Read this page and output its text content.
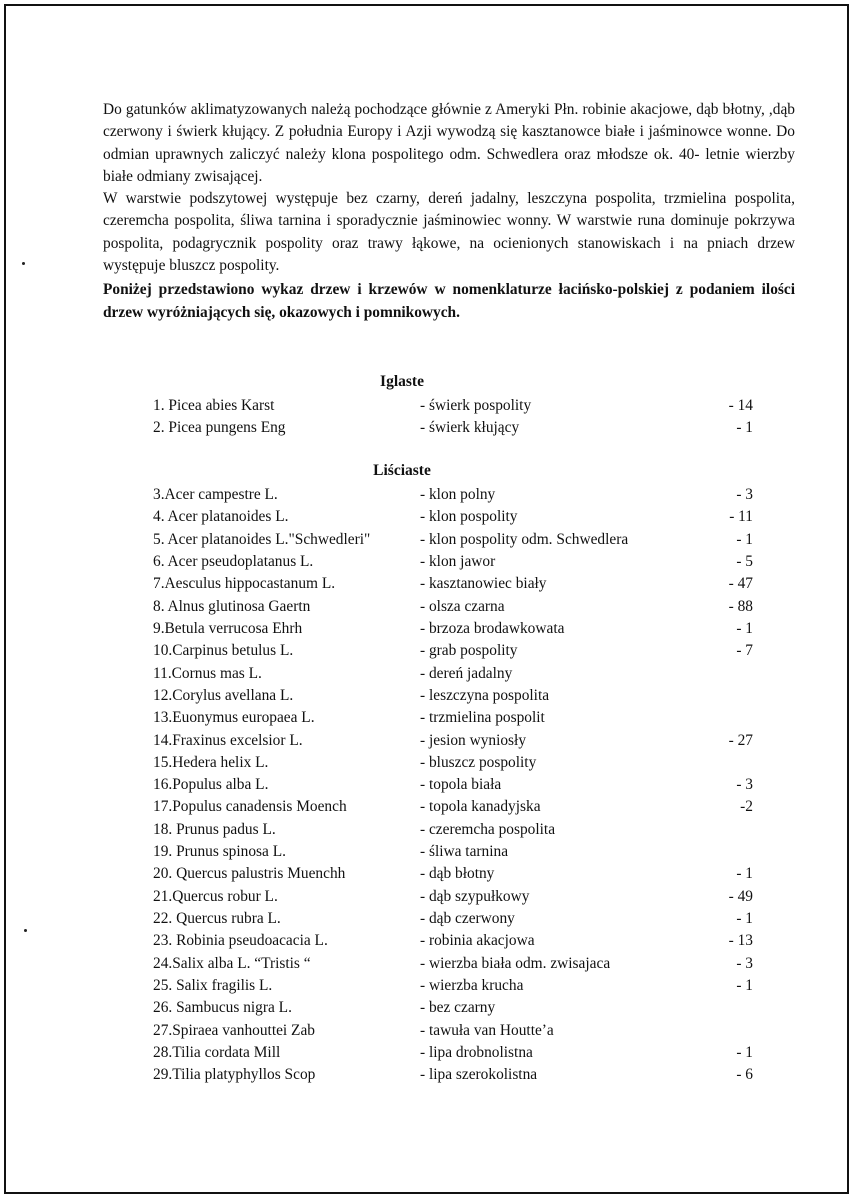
Do gatunków aklimatyzowanych należą pochodzące głównie z Ameryki Płn. robinie akacjowe, dąb błotny, ,dąb czerwony i świerk kłujący. Z południa Europy i Azji wywodzą się kasztanowce białe i jaśminowce wonne. Do odmian uprawnych zaliczyć należy klona pospolitego odm. Schwedlera oraz młodsze ok. 40- letnie wierzby białe odmiany zwisającej.

W warstwie podszytowej występuje bez czarny, dereń jadalny, leszczyna pospolita, trzmielina pospolita, czeremcha pospolita, śliwa tarnina i sporadycznie jaśminowiec wonny. W warstwie runa dominuje pokrzywa pospolita, podagrycznik pospolity oraz trawy łąkowe, na ocienionych stanowiskach i na pniach drzew występuje bluszcz pospolity.

Poniżej przedstawiono wykaz drzew i krzewów w nomenklaturze łacińsko-polskiej z podaniem ilości drzew wyróżniających się, okazowych i pomnikowych.

Iglaste
1. Picea abies Karst	- świerk pospolity	- 14
2. Picea pungens Eng	- świerk kłujący	- 1
Liściaste
3.Acer campestre L.	- klon polny	- 3
4. Acer platanoides L.	- klon pospolity	- 11
5. Acer platanoides L."Schwedleri"	- klon pospolity odm. Schwedlera	- 1
6. Acer pseudoplatanus L.	- klon jawor	- 5
7.Aesculus hippocastanum L.	- kasztanowiec biały	- 47
8. Alnus glutinosa Gaertn	- olsza czarna	- 88
9.Betula verrucosa Ehrh	- brzoza brodawkowata	- 1
10.Carpinus betulus L.	- grab pospolity	- 7
11.Cornus mas L.	- dereń jadalny
12.Corylus avellana L.	- leszczyna pospolita
13.Euonymus europaea L.	- trzmielina pospolit
14.Fraxinus excelsior L.	- jesion wyniosły	- 27
15.Hedera helix L.	- bluszcz pospolity
16.Populus alba L.	- topola biała	- 3
17.Populus canadensis Moench	- topola kanadyjska	-2
18. Prunus padus L.	- czeremcha pospolita
19. Prunus spinosa L.	- śliwa tarnina
20. Quercus palustris Muenchh	- dąb błotny	- 1
21.Quercus robur L.	- dąb szypułkowy	- 49
22. Quercus rubra L.	- dąb czerwony	- 1
23. Robinia pseudoacacia L.	- robinia akacjowa	- 13
24.Salix alba L. “Tristis “	- wierzba biała odm. zwisajaca	- 3
25. Salix fragilis L.	- wierzba krucha	- 1
26. Sambucus nigra L.	- bez czarny
27.Spiraea vanhouttei Zab	- tawuła van Houtte’a
28.Tilia cordata Mill	- lipa drobnolistna	- 1
29.Tilia platyphyllos Scop	- lipa szerokolistna	- 6
